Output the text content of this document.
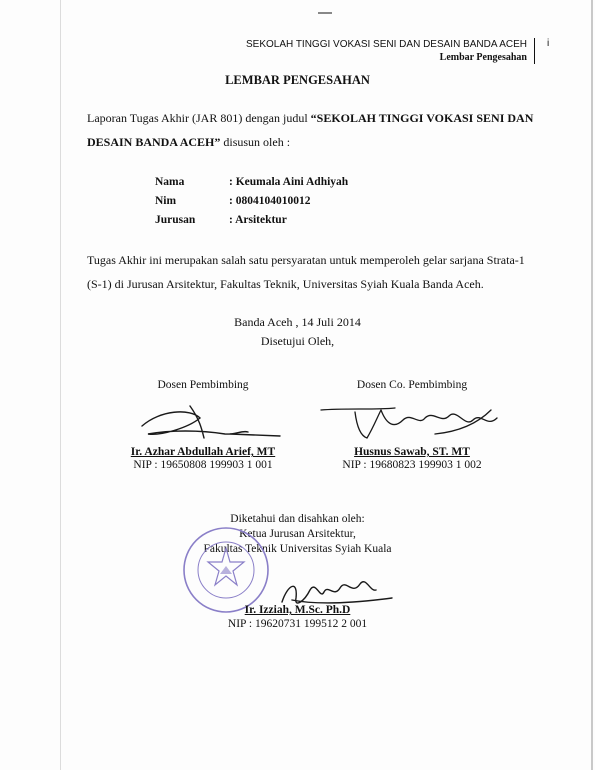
SEKOLAH TINGGI VOKASI SENI DAN DESAIN BANDA ACEH
Lembar Pengesahan
i
LEMBAR PENGESAHAN
Laporan Tugas Akhir (JAR 801) dengan judul “SEKOLAH TINGGI VOKASI SENI DAN DESAIN BANDA ACEH” disusun oleh :
Nama	: Keumala Aini Adhiyah
Nim	: 0804104010012
Jurusan	: Arsitektur
Tugas Akhir ini merupakan salah satu persyaratan untuk memperoleh gelar sarjana Strata-1 (S-1) di Jurusan Arsitektur, Fakultas Teknik, Universitas Syiah Kuala Banda Aceh.
Banda Aceh , 14 Juli 2014
Disetujui Oleh,
Dosen Pembimbing
Ir. Azhar Abdullah Arief, MT
NIP : 19650808 199903 1 001
Dosen Co. Pembimbing
Husnus Sawab, ST. MT
NIP : 19680823 199903 1 002
Diketahui dan disahkan oleh:
Ketua Jurusan Arsitektur,
Fakultas Teknik Universitas Syiah Kuala
Ir. Izziah, M.Sc. Ph.D
NIP : 19620731 199512 2 001
